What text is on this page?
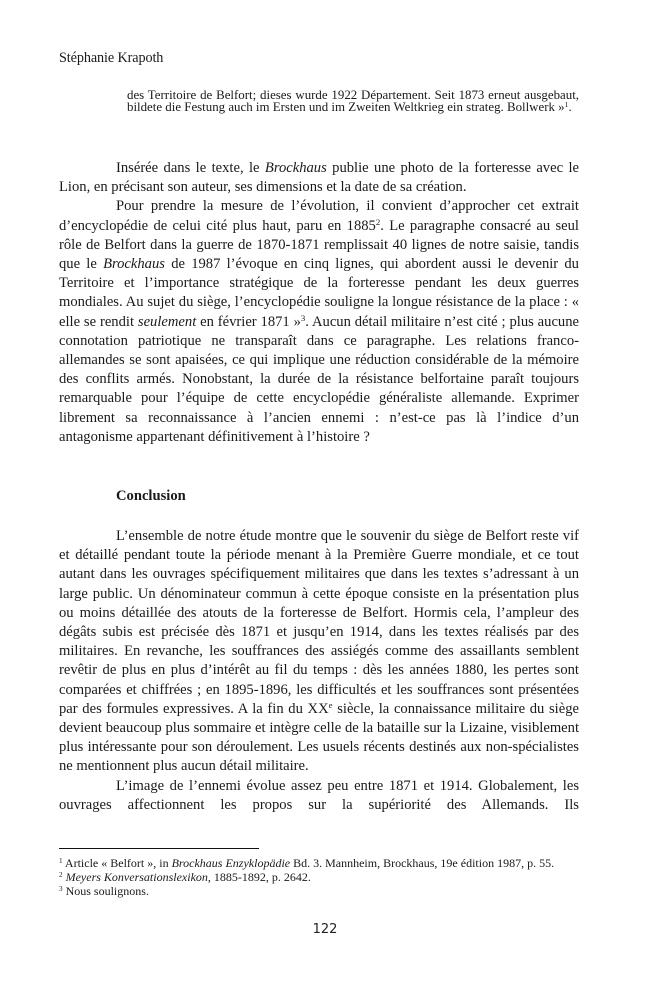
Stéphanie Krapoth
des Territoire de Belfort; dieses wurde 1922 Département. Seit 1873 erneut ausgebaut, bildete die Festung auch im Ersten und im Zweiten Weltkrieg ein strateg. Bollwerk »$^1$.

Insérée dans le texte, le Brockhaus publie une photo de la forteresse avec le Lion, en précisant son auteur, ses dimensions et la date de sa création.

Pour prendre la mesure de l’évolution, il convient d’approcher cet extrait d’encyclopédie de celui cité plus haut, paru en 1885$^2$. Le paragraphe consacré au seul rôle de Belfort dans la guerre de 1870-1871 remplissait 40 lignes de notre saisie, tandis que le Brockhaus de 1987 l’évoque en cinq lignes, qui abordent aussi le devenir du Territoire et l’importance stratégique de la forteresse pendant les deux guerres mondiales. Au sujet du siège, l’encyclopédie souligne la longue résistance de la place : « elle se rendit seulement en février 1871 »$^3$. Aucun détail militaire n’est cité ; plus aucune connotation patriotique ne transparaît dans ce paragraphe. Les relations franco-allemandes se sont apaisées, ce qui implique une réduction considérable de la mémoire des conflits armés. Nonobstant, la durée de la résistance belfortaine paraît toujours remarquable pour l’équipe de cette encyclopédie généraliste allemande. Exprimer librement sa reconnaissance à l’ancien ennemi : n’est-ce pas là l’indice d’un antagonisme appartenant définitivement à l’histoire ?

Conclusion

L’ensemble de notre étude montre que le souvenir du siège de Belfort reste vif et détaillé pendant toute la période menant à la Première Guerre mondiale, et ce tout autant dans les ouvrages spécifiquement militaires que dans les textes s’adressant à un large public. Un dénominateur commun à cette époque consiste en la présentation plus ou moins détaillée des atouts de la forteresse de Belfort. Hormis cela, l’ampleur des dégâts subis est précisée dès 1871 et jusqu’en 1914, dans les textes réalisés par des militaires. En revanche, les souffrances des assiégés comme des assaillants semblent revêtir de plus en plus d’intérêt au fil du temps : dès les années 1880, les pertes sont comparées et chiffrées ; en 1895-1896, les difficultés et les souffrances sont présentées par des formules expressives. A la fin du XXe siècle, la connaissance militaire du siège devient beaucoup plus sommaire et intègre celle de la bataille sur la Lizaine, visiblement plus intéressante pour son déroulement. Les usuels récents destinés aux non-spécialistes ne mentionnent plus aucun détail militaire.

L’image de l’ennemi évolue assez peu entre 1871 et 1914. Globalement, les ouvrages affectionnent les propos sur la supériorité des Allemands. Ils

$^1$ Article « Belfort », in Brockhaus Enzyklopädie Bd. 3. Mannheim, Brockhaus, 19e édition 1987, p. 55.

$^2$ Meyers Konversationslexikon, 1885-1892, p. 2642.

$^3$ Nous soulignons.

122
